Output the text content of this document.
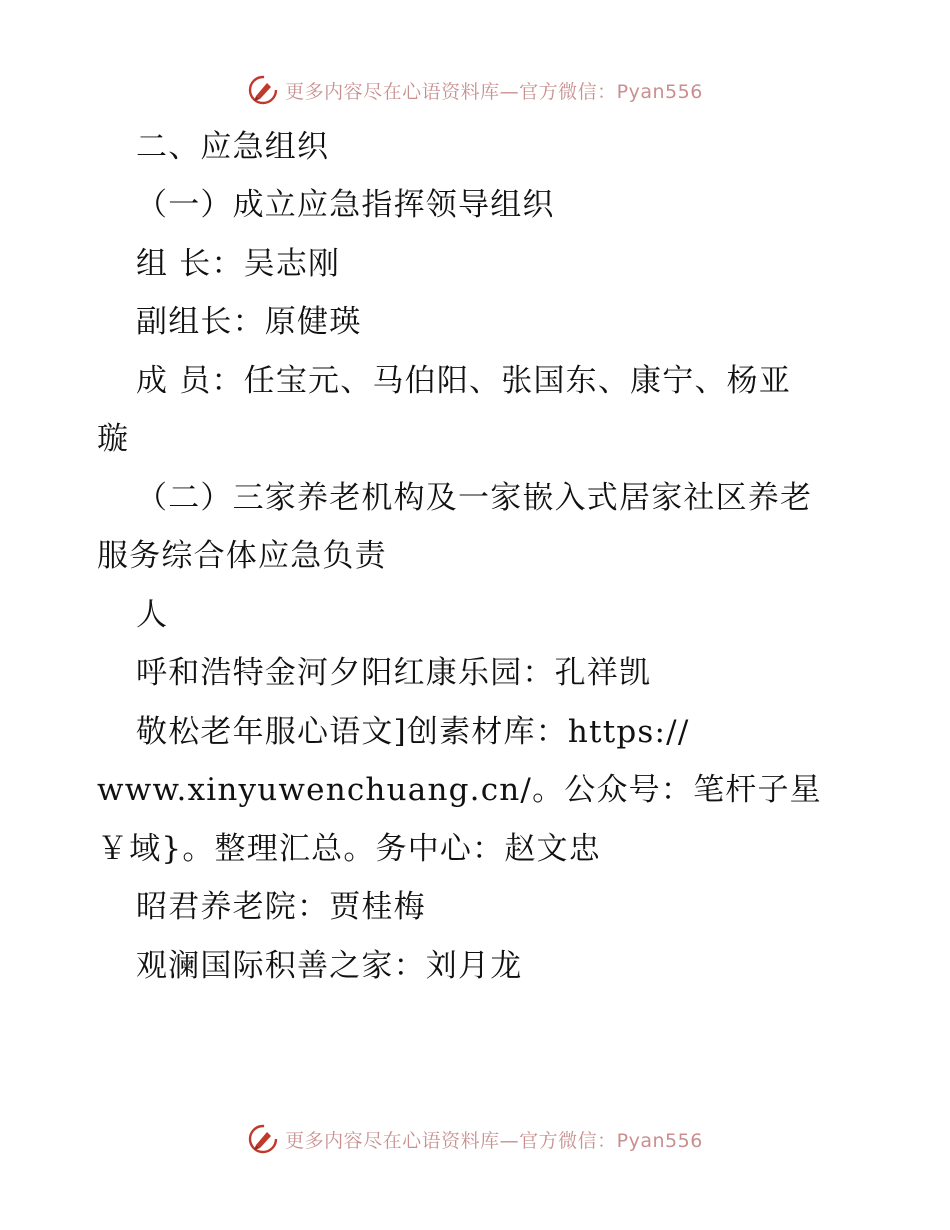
更多内容尽在心语资料库—官方微信：Pyan556
二、应急组织
（一）成立应急指挥领导组织
组 长：吴志刚
副组长：原健瑛
成 员：任宝元、马伯阳、张国东、康宁、杨亚
璇
（二）三家养老机构及一家嵌入式居家社区养老
服务综合体应急负责
人
呼和浩特金河夕阳红康乐园：孔祥凯
敬松老年服心语文]创素材库：https://
www.xinyuwenchuang.cn/。公众号：笔杆子星
￥域}。整理汇总。务中心：赵文忠
昭君养老院：贾桂梅
观澜国际积善之家：刘月龙
更多内容尽在心语资料库—官方微信：Pyan556
